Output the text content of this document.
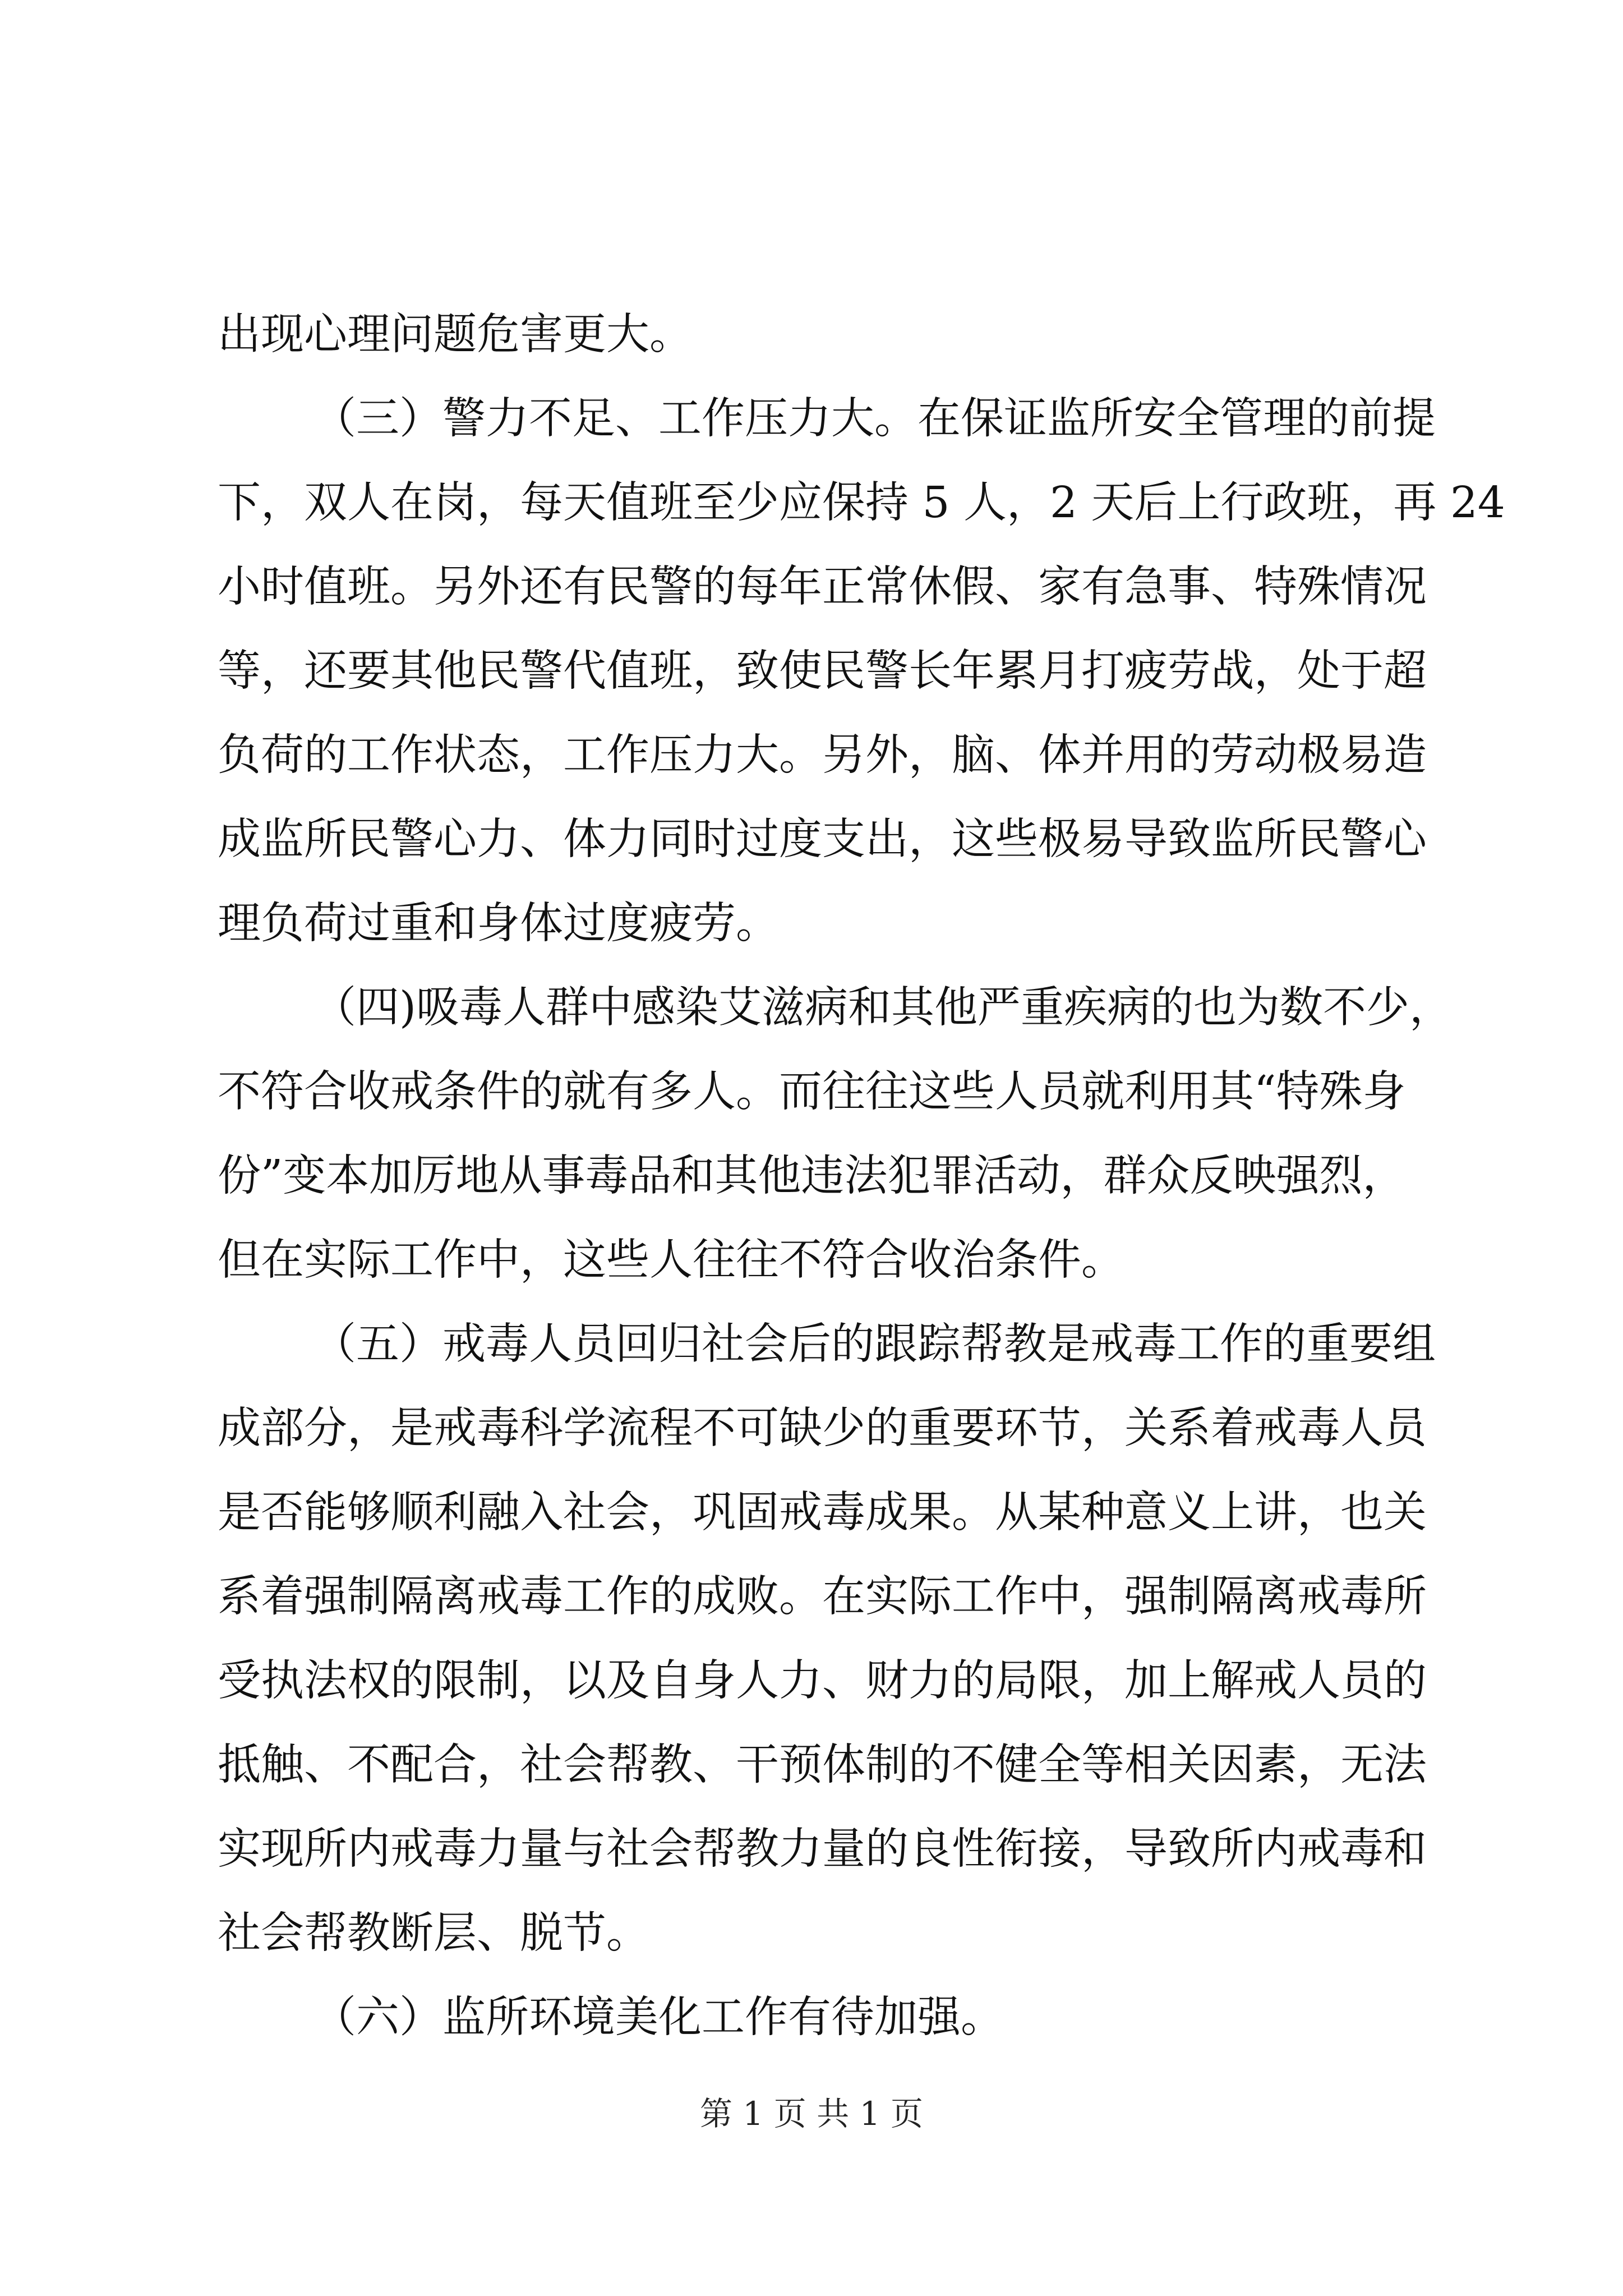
出现心理问题危害更大。
（三）警力不足、工作压力大。在保证监所安全管理的前提
下，双人在岗，每天值班至少应保持 5 人，2 天后上行政班，再 24
小时值班。另外还有民警的每年正常休假、家有急事、特殊情况
等，还要其他民警代值班，致使民警长年累月打疲劳战，处于超
负荷的工作状态，工作压力大。另外，脑、体并用的劳动极易造
成监所民警心力、体力同时过度支出，这些极易导致监所民警心
理负荷过重和身体过度疲劳。
（四)吸毒人群中感染艾滋病和其他严重疾病的也为数不少，
不符合收戒条件的就有多人。而往往这些人员就利用其“特殊身
份”变本加厉地从事毒品和其他违法犯罪活动，群众反映强烈，
但在实际工作中，这些人往往不符合收治条件。
（五）戒毒人员回归社会后的跟踪帮教是戒毒工作的重要组
成部分，是戒毒科学流程不可缺少的重要环节，关系着戒毒人员
是否能够顺利融入社会，巩固戒毒成果。从某种意义上讲，也关
系着强制隔离戒毒工作的成败。在实际工作中，强制隔离戒毒所
受执法权的限制，以及自身人力、财力的局限，加上解戒人员的
抵触、不配合，社会帮教、干预体制的不健全等相关因素，无法
实现所内戒毒力量与社会帮教力量的良性衔接，导致所内戒毒和
社会帮教断层、脱节。
（六）监所环境美化工作有待加强。
第 1 页 共 1 页
